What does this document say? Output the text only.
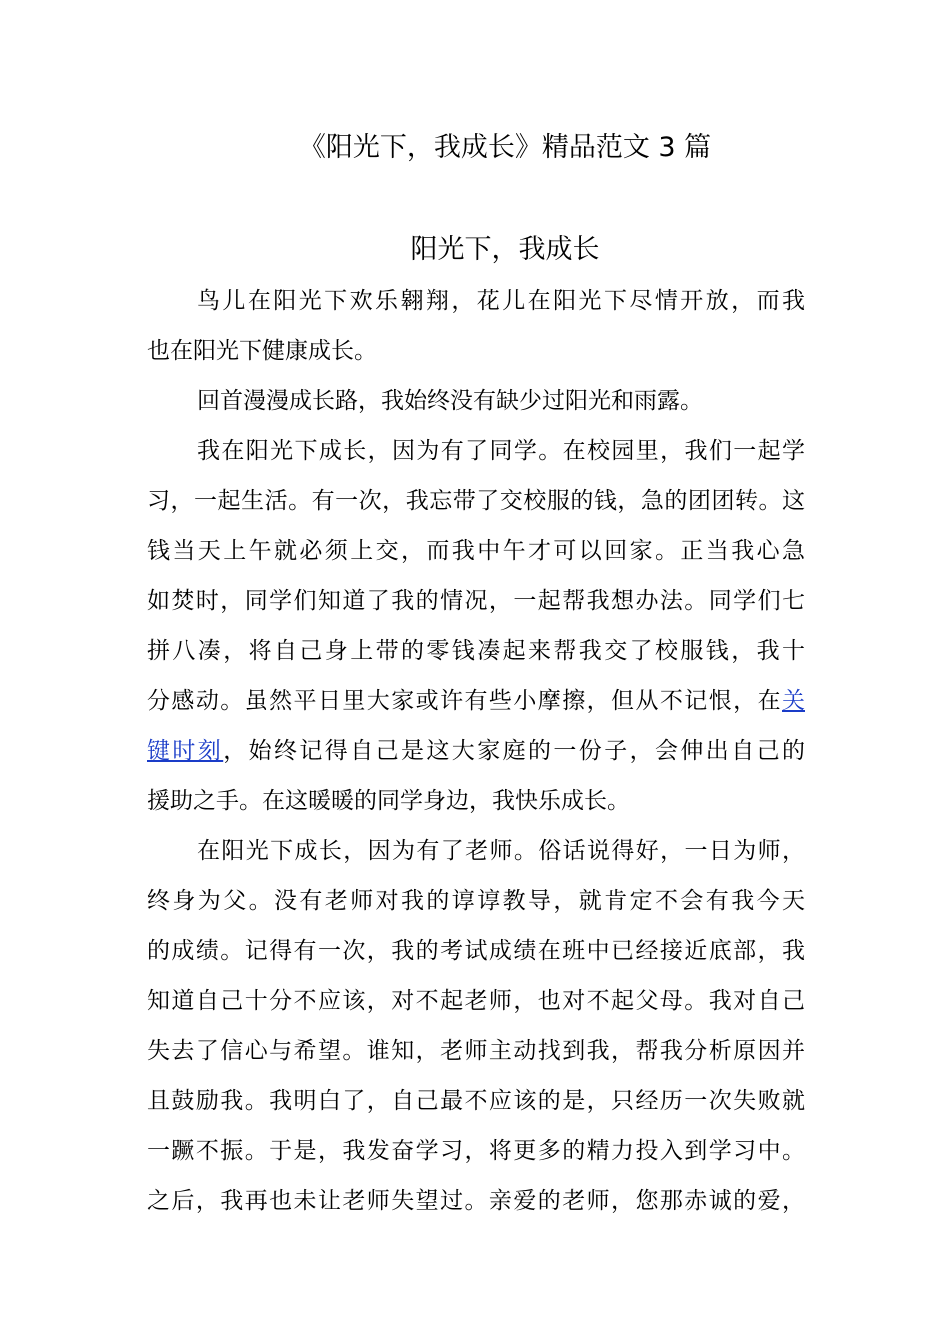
《阳光下，我成长》精品范文 3 篇
阳光下，我成长
鸟儿在阳光下欢乐翱翔，花儿在阳光下尽情开放，而我
也在阳光下健康成长。
回首漫漫成长路，我始终没有缺少过阳光和雨露。
我在阳光下成长，因为有了同学。在校园里，我们一起学
习，一起生活。有一次，我忘带了交校服的钱，急的团团转。这
钱当天上午就必须上交，而我中午才可以回家。正当我心急
如焚时，同学们知道了我的情况，一起帮我想办法。同学们七
拼八凑，将自己身上带的零钱凑起来帮我交了校服钱，我十
分感动。虽然平日里大家或许有些小摩擦，但从不记恨，在关
键时刻，始终记得自己是这大家庭的一份子，会伸出自己的
援助之手。在这暖暖的同学身边，我快乐成长。
在阳光下成长，因为有了老师。俗话说得好，一日为师，
终身为父。没有老师对我的谆谆教导，就肯定不会有我今天
的成绩。记得有一次，我的考试成绩在班中已经接近底部，我
知道自己十分不应该，对不起老师，也对不起父母。我对自己
失去了信心与希望。谁知，老师主动找到我，帮我分析原因并
且鼓励我。我明白了，自己最不应该的是，只经历一次失败就
一蹶不振。于是，我发奋学习，将更多的精力投入到学习中。
之后，我再也未让老师失望过。亲爱的老师，您那赤诚的爱，
